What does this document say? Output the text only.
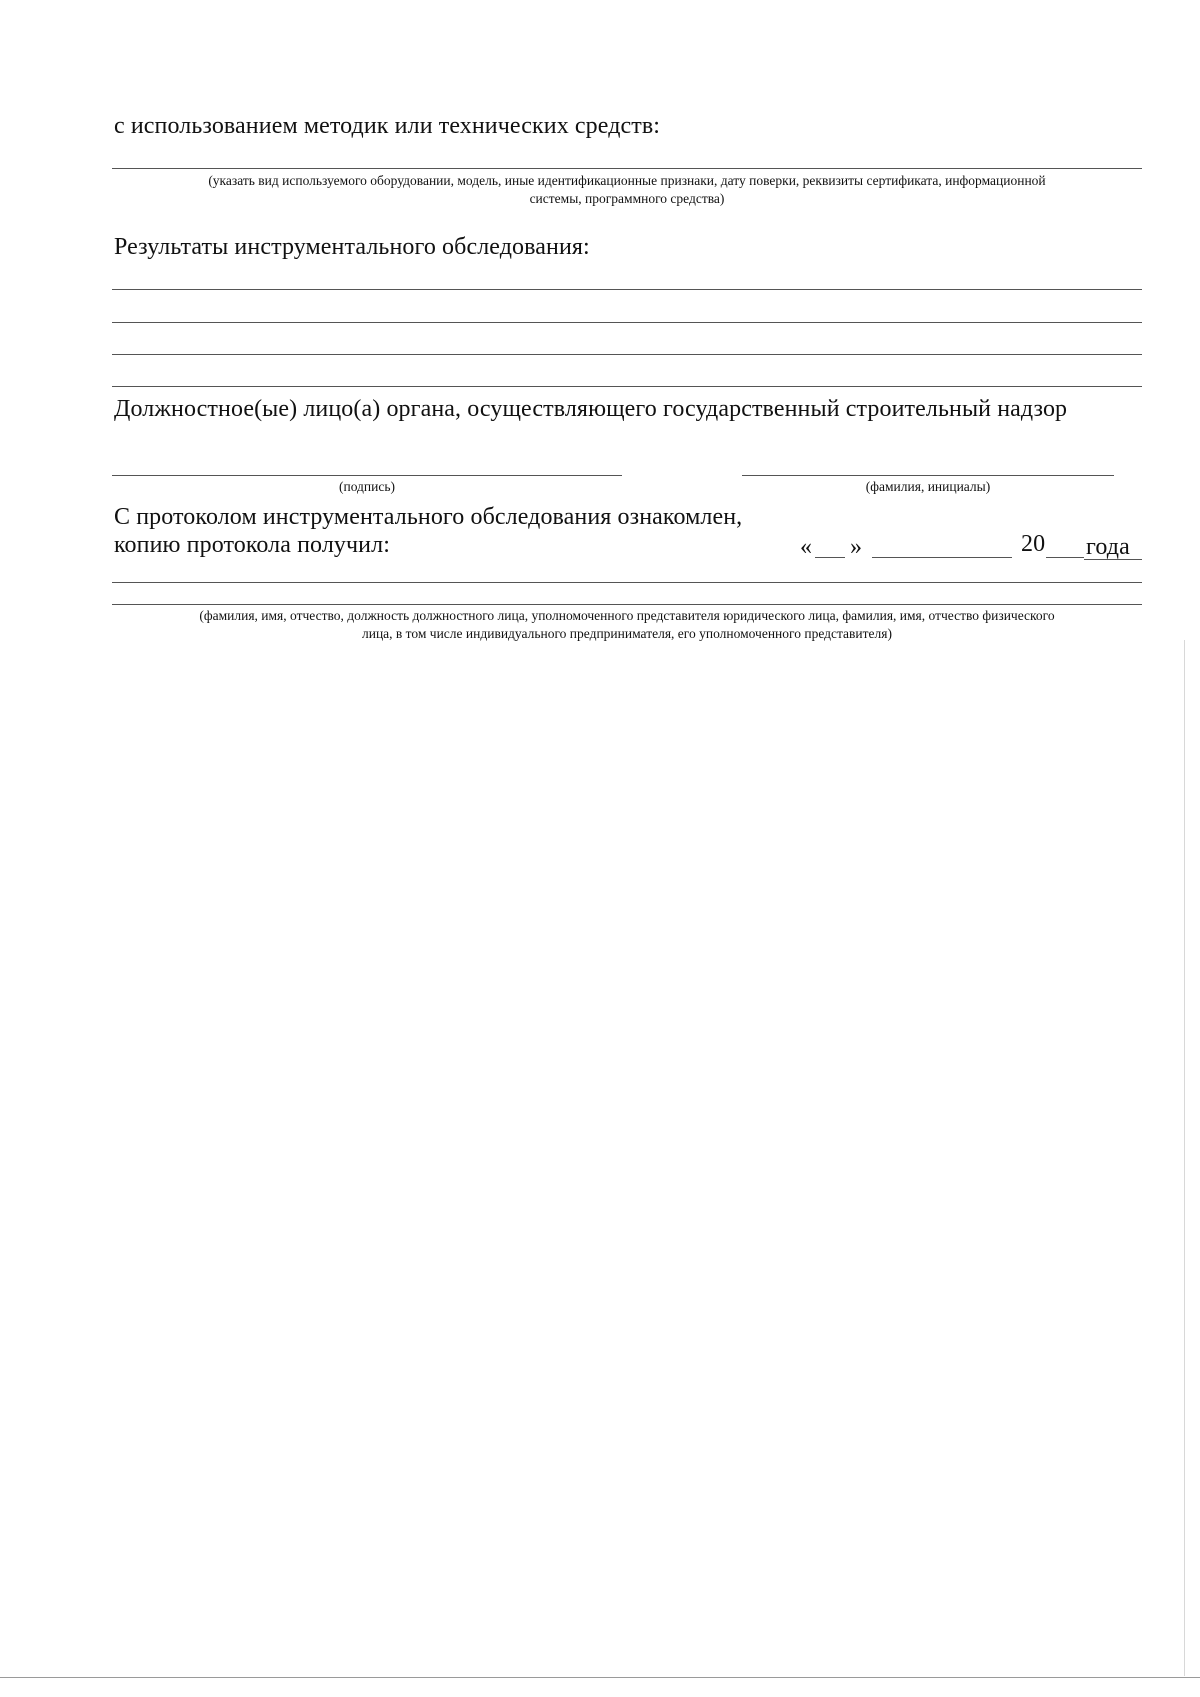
с использованием методик или технических средств:
(указать вид используемого оборудовании, модель, иные идентификационные признаки, дату поверки, реквизиты сертификата, информационной
системы, программного средства)
Результаты инструментального обследования:
Должностное(ые) лицо(а) органа, осуществляющего государственный строительный надзор
(подпись)	(фамилия, инициалы)
С протоколом инструментального обследования ознакомлен,
копию протокола получил:	« »	20 года
(фамилия, имя, отчество, должность должностного лица, уполномоченного представителя юридического лица, фамилия, имя, отчество физического
лица, в том числе индивидуального предпринимателя, его уполномоченного представителя)
